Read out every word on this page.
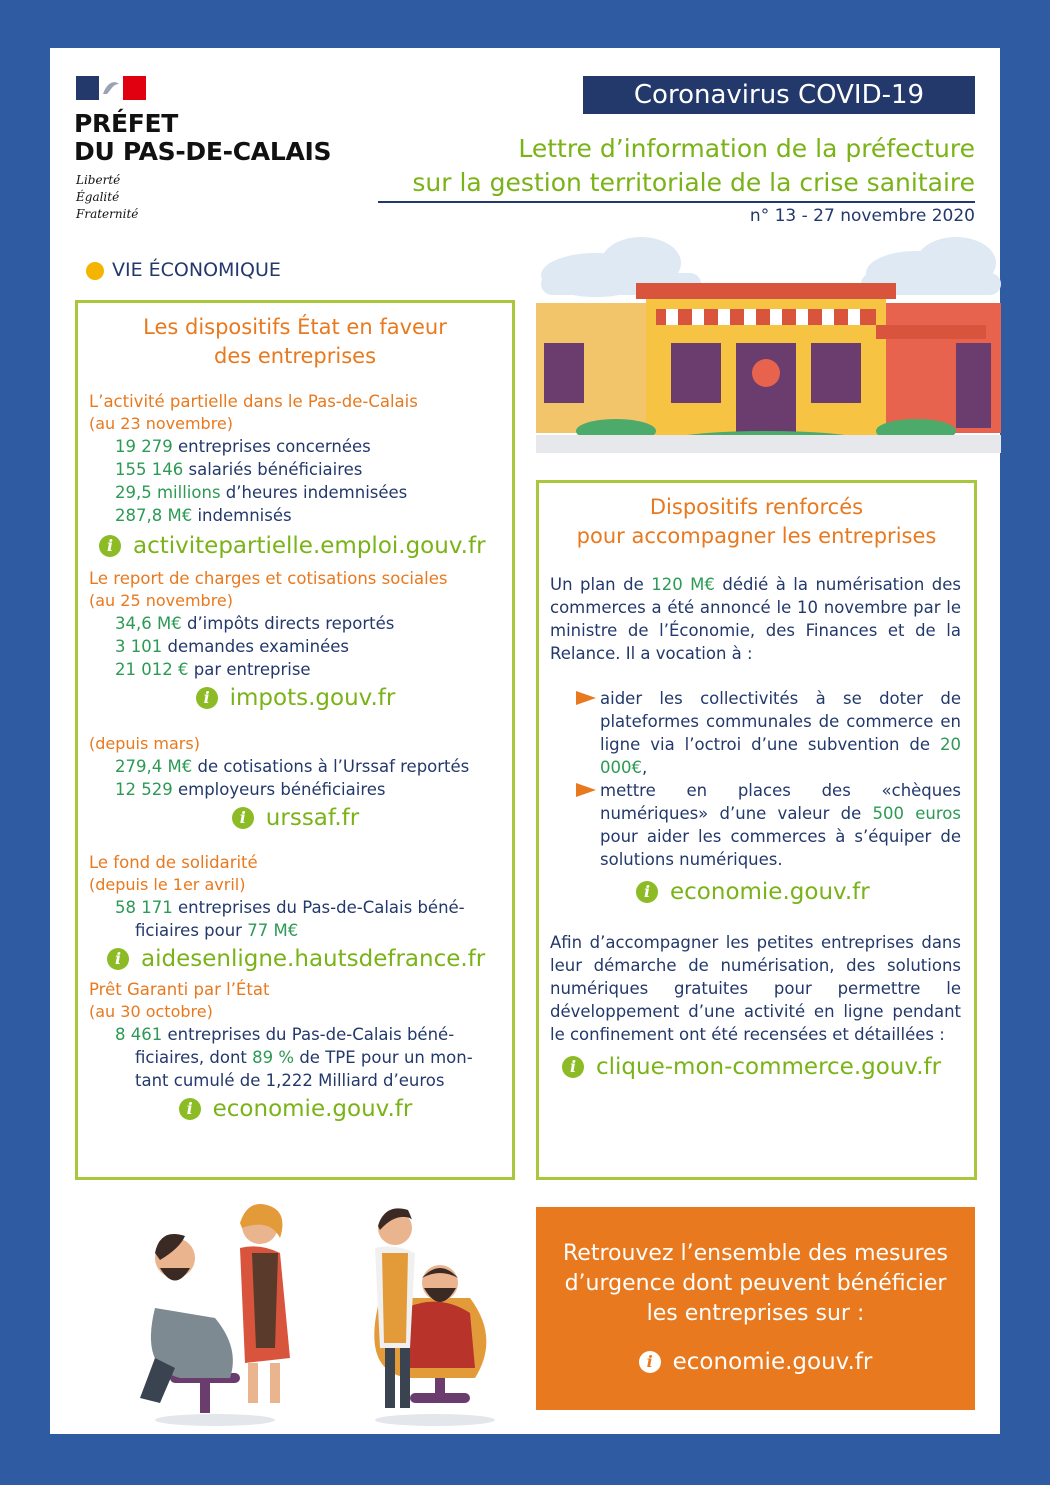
PRÉFET
DU PAS-DE-CALAIS
Liberté
Égalité
Fraternité
Coronavirus COVID-19
Lettre d’information de la préfecture
sur la gestion territoriale de la crise sanitaire
n° 13 - 27 novembre 2020
VIE ÉCONOMIQUE
Les dispositifs État en faveur
des entreprises
L’activité partielle dans le Pas-de-Calais
(au 23 novembre)
19 279 entreprises concernées
155 146 salariés bénéficiaires
29,5 millions d’heures indemnisées
287,8 M€ indemnisés
i activitepartielle.emploi.gouv.fr
Le report de charges et cotisations sociales
(au 25 novembre)
34,6 M€ d’impôts directs reportés
3 101 demandes examinées
21 012 € par entreprise
i impots.gouv.fr
(depuis mars)
279,4 M€ de cotisations à l’Urssaf reportés
12 529 employeurs bénéficiaires
i urssaf.fr
Le fond de solidarité
(depuis le 1er avril)
58 171 entreprises du Pas-de-Calais béné-
ficiaires pour 77 M€
i aidesenligne.hautsdefrance.fr
Prêt Garanti par l’État
(au 30 octobre)
8 461 entreprises du Pas-de-Calais béné-
ficiaires, dont 89 % de TPE pour un mon-
tant cumulé de 1,222 Milliard d’euros
i economie.gouv.fr
Dispositifs renforcés
pour accompagner les entreprises
Un plan de 120 M€ dédié à la numérisation des commerces a été annoncé le 10 novembre par le ministre de l’Économie, des Finances et de la Relance. Il a vocation à :
aider les collectivités à se doter de plateformes communales de commerce en ligne via l’octroi d’une subvention de 20 000€,
mettre en places des «chèques numériques» d’une valeur de 500 euros pour aider les commerces à s’équiper de solutions numériques.
i economie.gouv.fr
Afin d’accompagner les petites entreprises dans leur démarche de numérisation, des solutions numériques gratuites pour permettre le développement d’une activité en ligne pendant le confinement ont été recensées et détaillées :
i clique-mon-commerce.gouv.fr
Retrouvez l’ensemble des mesures
d’urgence dont peuvent bénéficier
les entreprises sur :
i economie.gouv.fr
